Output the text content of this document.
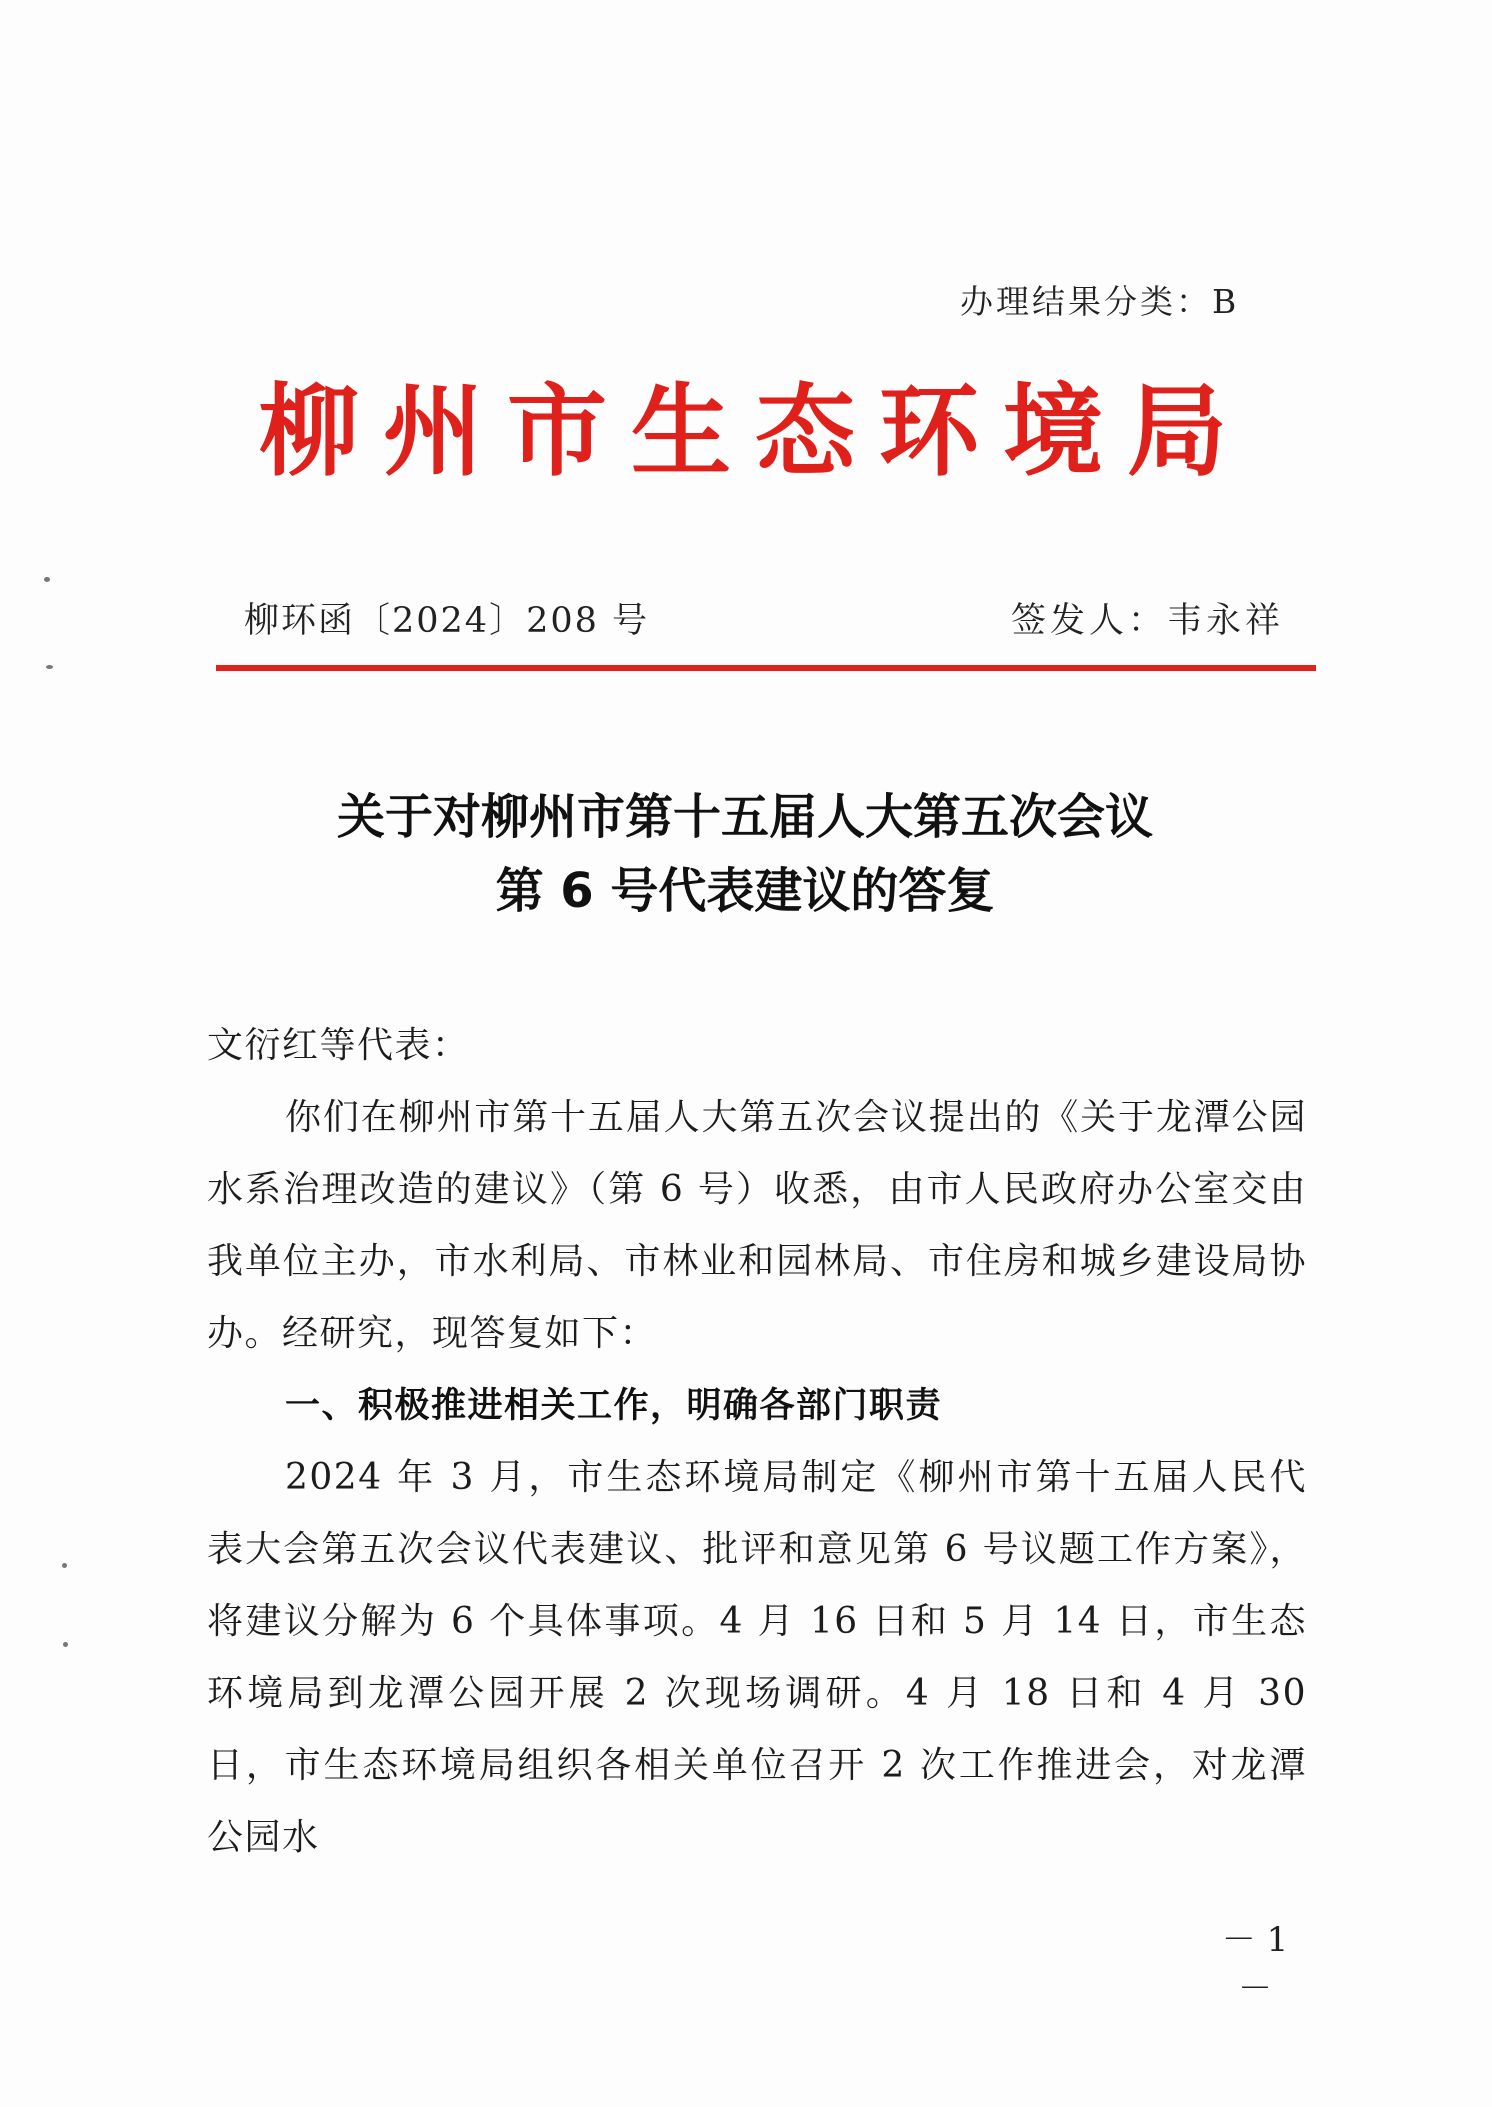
办理结果分类：B
柳州市生态环境局
柳环函〔2024〕208 号	签发人：韦永祥
关于对柳州市第十五届人大第五次会议
第 6 号代表建议的答复

文衍红等代表：

你们在柳州市第十五届人大第五次会议提出的《关于龙潭公园水系治理改造的建议》（第 6 号）收悉，由市人民政府办公室交由我单位主办，市水利局、市林业和园林局、市住房和城乡建设局协办。经研究，现答复如下：

一、积极推进相关工作，明确各部门职责

2024 年 3 月，市生态环境局制定《柳州市第十五届人民代表大会第五次会议代表建议、批评和意见第 6 号议题工作方案》，将建议分解为 6 个具体事项。4 月 16 日和 5 月 14 日，市生态环境局到龙潭公园开展 2 次现场调研。4 月 18 日和 4 月 30 日，市生态环境局组织各相关单位召开 2 次工作推进会，对龙潭公园水

－ 1 －
